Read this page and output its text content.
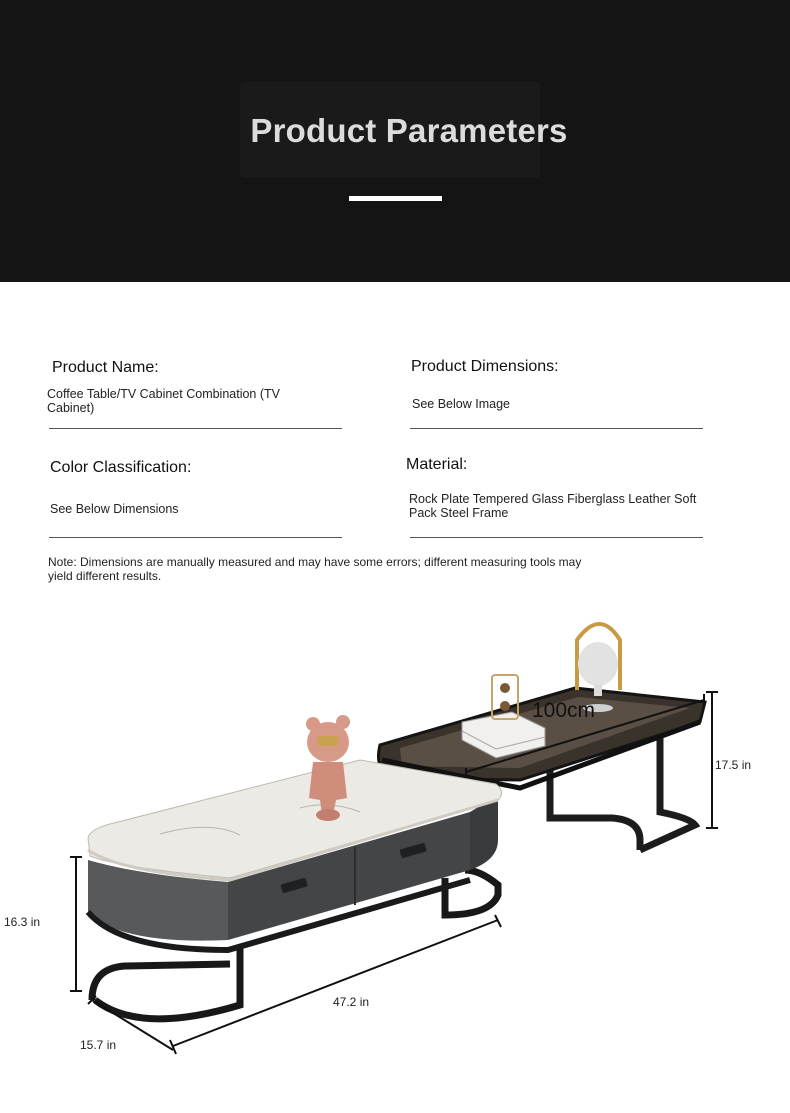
Product Parameters
Product Name:
Coffee Table/TV Cabinet Combination (TV Cabinet)
Product Dimensions:
See Below Image
Color Classification:
See Below Dimensions
Material:
Rock Plate Tempered Glass Fiberglass Leather Soft Pack Steel Frame
Note: Dimensions are manually measured and may have some errors; different measuring tools may yield different results.
100cm
17.5 in
16.3 in
47.2 in
15.7 in
